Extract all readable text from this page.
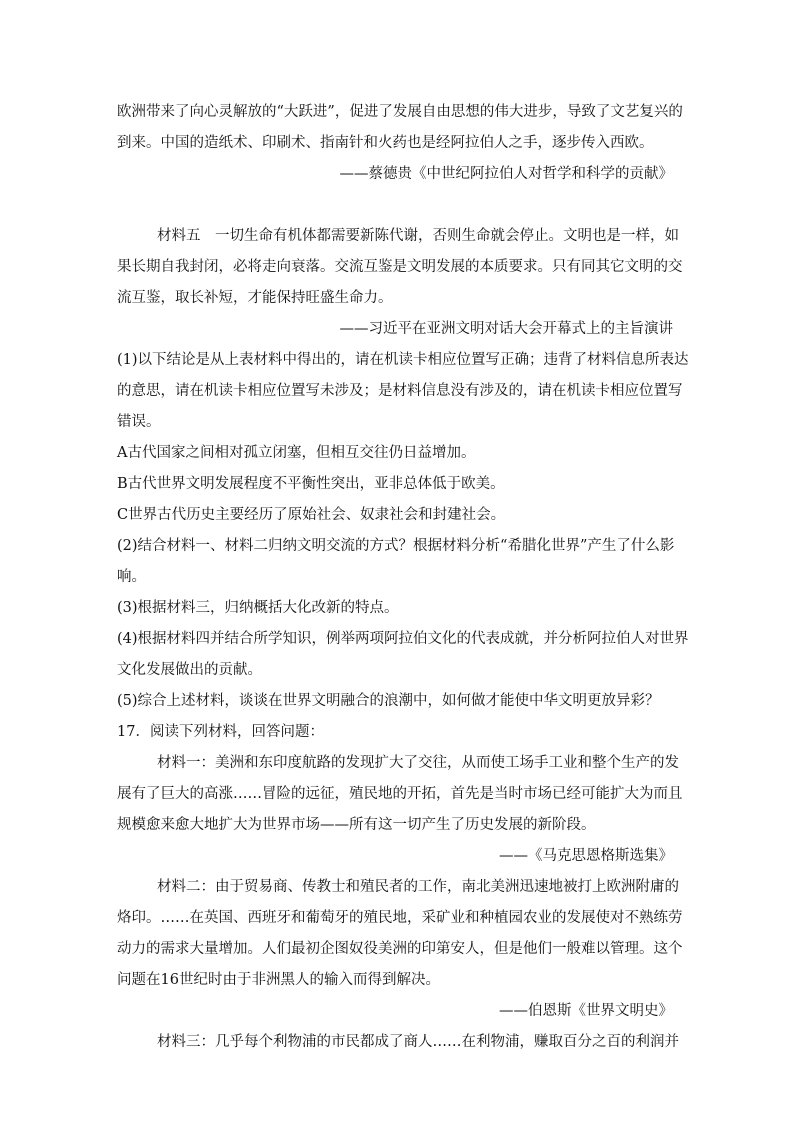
欧洲带来了向心灵解放的“大跃进”，促进了发展自由思想的伟大进步，导致了文艺复兴的
到来。中国的造纸术、印刷术、指南针和火药也是经阿拉伯人之手，逐步传入西欧。
——蔡德贵《中世纪阿拉伯人对哲学和科学的贡献》
材料五　一切生命有机体都需要新陈代谢，否则生命就会停止。文明也是一样，如
果长期自我封闭，必将走向衰落。交流互鉴是文明发展的本质要求。只有同其它文明的交
流互鉴，取长补短，才能保持旺盛生命力。
——习近平在亚洲文明对话大会开幕式上的主旨演讲
(1)以下结论是从上表材料中得出的，请在机读卡相应位置写正确；违背了材料信息所表达
的意思，请在机读卡相应位置写未涉及；是材料信息没有涉及的，请在机读卡相应位置写
错误。
A古代国家之间相对孤立闭塞，但相互交往仍日益增加。
B古代世界文明发展程度不平衡性突出，亚非总体低于欧美。
C世界古代历史主要经历了原始社会、奴隶社会和封建社会。
(2)结合材料一、材料二归纳文明交流的方式？根据材料分析“希腊化世界”产生了什么影
响。
(3)根据材料三，归纳概括大化改新的特点。
(4)根据材料四并结合所学知识，例举两项阿拉伯文化的代表成就，并分析阿拉伯人对世界
文化发展做出的贡献。
(5)综合上述材料，谈谈在世界文明融合的浪潮中，如何做才能使中华文明更放异彩？
17．阅读下列材料，回答问题：
材料一：美洲和东印度航路的发现扩大了交往，从而使工场手工业和整个生产的发
展有了巨大的高涨……冒险的远征，殖民地的开拓，首先是当时市场已经可能扩大为而且
规模愈来愈大地扩大为世界市场——所有这一切产生了历史发展的新阶段。
——《马克思恩格斯选集》
材料二：由于贸易商、传教士和殖民者的工作，南北美洲迅速地被打上欧洲附庸的
烙印。……在英国、西班牙和葡萄牙的殖民地，采矿业和种植园农业的发展使对不熟练劳
动力的需求大量增加。人们最初企图奴役美洲的印第安人，但是他们一般难以管理。这个
问题在16世纪时由于非洲黑人的输入而得到解决。
——伯恩斯《世界文明史》
材料三：几乎每个利物浦的市民都成了商人……在利物浦，赚取百分之百的利润并
